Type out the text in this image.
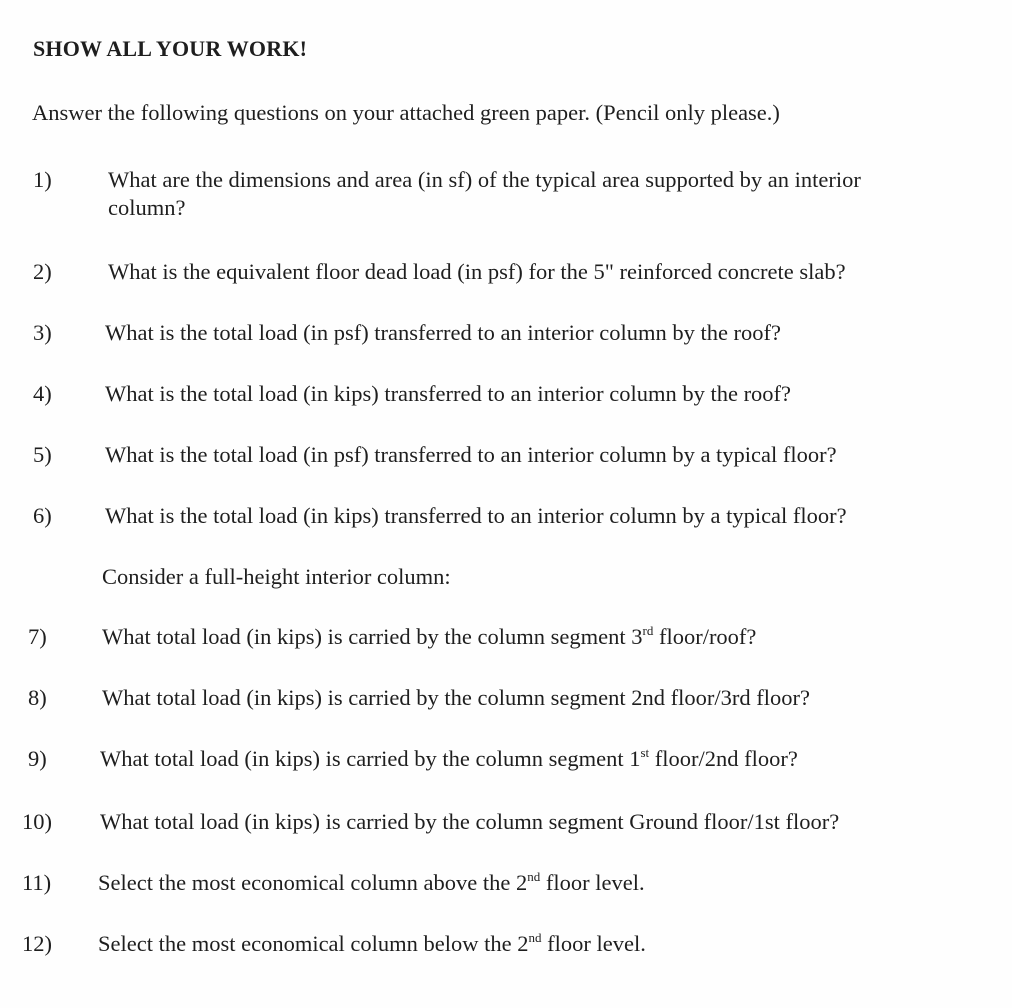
SHOW ALL YOUR WORK!
Answer the following questions on your attached green paper. (Pencil only please.)
1)	What are the dimensions and area (in sf) of the typical area supported by an interior
column?
2)	What is the equivalent floor dead load (in psf) for the 5" reinforced concrete slab?
3) What is the total load (in psf) transferred to an interior column by the roof?
4) What is the total load (in kips) transferred to an interior column by the roof?
5) What is the total load (in psf) transferred to an interior column by a typical floor?
6) What is the total load (in kips) transferred to an interior column by a typical floor?
Consider a full-height interior column:
7) What total load (in kips) is carried by the column segment 3rd floor/roof?
8) What total load (in kips) is carried by the column segment 2nd floor/3rd floor?
9) What total load (in kips) is carried by the column segment 1st floor/2nd floor?
10) What total load (in kips) is carried by the column segment Ground floor/1st floor?
11) Select the most economical column above the 2nd floor level.
12) Select the most economical column below the 2nd floor level.
